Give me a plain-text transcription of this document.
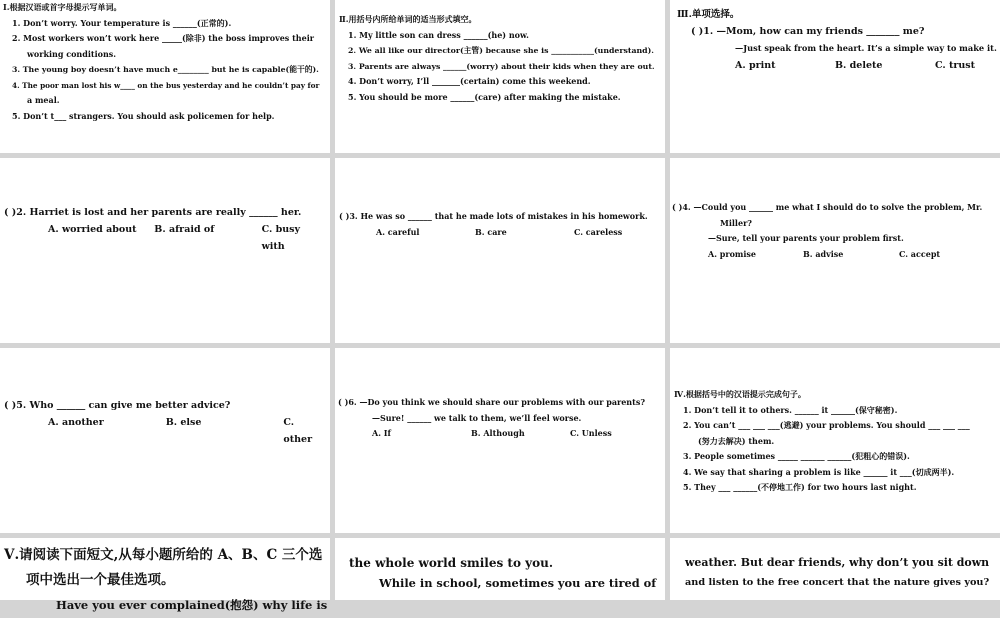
Ⅰ.根据汉语或首字母提示写单词。
1. Don’t worry. Your temperature is ______(正常的).
2. Most workers won’t work here _____(除非) the boss improves their
working conditions.
3. The young boy doesn’t have much e________ but he is capable(能干的).
4. The poor man lost his w____ on the bus yesterday and he couldn’t pay for
a meal.
5. Don’t t___ strangers. You should ask policemen for help.
Ⅱ.用括号内所给单词的适当形式填空。
1. My little son can dress ______(he) now.
2. We all like our director(主管) because she is ___________(understand).
3. Parents are always ______(worry) about their kids when they are out.
4. Don’t worry, I’ll _______(certain) come this weekend.
5. You should be more ______(care) after making the mistake.
Ⅲ.单项选择。
( )1. —Mom, how can my friends _______ me?
—Just speak from the heart. It’s a simple way to make it.
A. print	B. delete	C. trust
( )2. Harriet is lost and her parents are really ______ her.
A. worried about	B. afraid of	C. busy with
( )3. He was so ______ that he made lots of mistakes in his homework.
A. careful	B. care	C. careless
( )4. —Could you ______ me what I should do to solve the problem, Mr.
Miller?
—Sure, tell your parents your problem first.
A. promise	B. advise	C. accept
( )5. Who ______ can give me better advice?
A. another	B. else	C. other
( )6. —Do you think we should share our problems with our parents?
—Sure! ______ we talk to them, we’ll feel worse.
A. If	B. Although	C. Unless
Ⅳ.根据括号中的汉语提示完成句子。
1. Don’t tell it to others. ______ it ______(保守秘密).
2. You can’t ___ ___ ___(逃避) your problems. You should ___ ___ ___
(努力去解决) them.
3. People sometimes _____ ______ ______(犯粗心的错误).
4. We say that sharing a problem is like ______ it ___(切成两半).
5. They ___ ______(不停地工作) for two hours last night.
Ⅴ.请阅读下面短文,从每小题所给的 A、B、C 三个选
项中选出一个最佳选项。
Have you ever complained(抱怨) why life is
the whole world smiles to you.
While in school, sometimes you are tired of
weather. But dear friends, why don’t you sit down
and listen to the free concert that the nature gives you?
